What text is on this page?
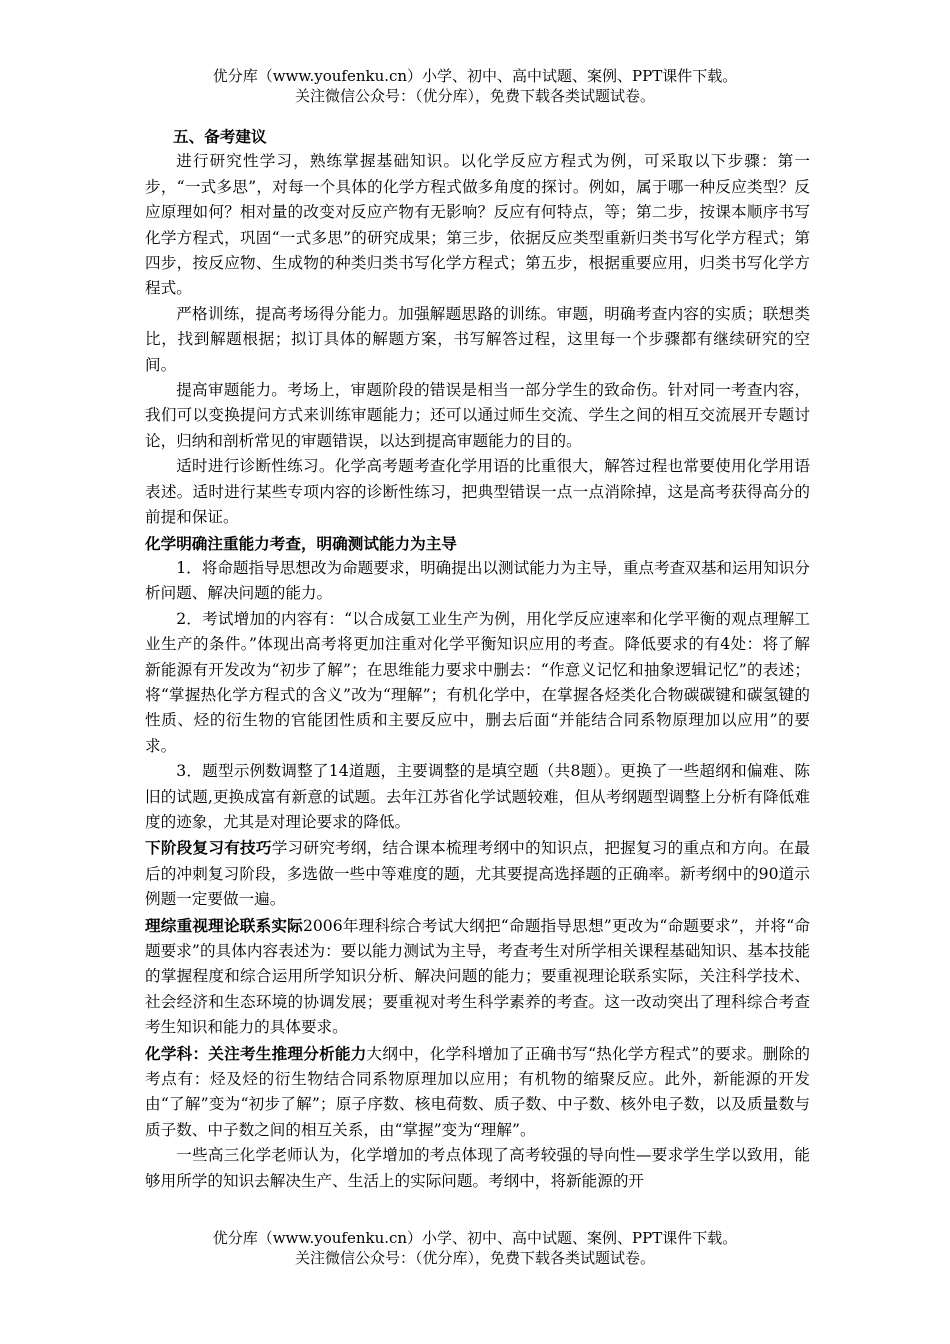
优分库（www.youfenku.cn）小学、初中、高中试题、案例、PPT课件下载。
关注微信公众号：（优分库），免费下载各类试题试卷。

五、备考建议

进行研究性学习，熟练掌握基础知识。以化学反应方程式为例，可采取以下步骤：第一步，“一式多思”，对每一个具体的化学方程式做多角度的探讨。例如，属于哪一种反应类型？反应原理如何？相对量的改变对反应产物有无影响？反应有何特点，等；第二步，按课本顺序书写化学方程式，巩固“一式多思”的研究成果；第三步，依据反应类型重新归类书写化学方程式；第四步，按反应物、生成物的种类归类书写化学方程式；第五步，根据重要应用，归类书写化学方程式。

严格训练，提高考场得分能力。加强解题思路的训练。审题，明确考查内容的实质；联想类比，找到解题根据；拟订具体的解题方案，书写解答过程，这里每一个步骤都有继续研究的空间。

提高审题能力。考场上，审题阶段的错误是相当一部分学生的致命伤。针对同一考查内容，我们可以变换提问方式来训练审题能力；还可以通过师生交流、学生之间的相互交流展开专题讨论，归纳和剖析常见的审题错误，以达到提高审题能力的目的。

适时进行诊断性练习。化学高考题考查化学用语的比重很大，解答过程也常要使用化学用语表述。适时进行某些专项内容的诊断性练习，把典型错误一点一点消除掉，这是高考获得高分的前提和保证。

化学明确注重能力考查，明确测试能力为主导

1．将命题指导思想改为命题要求，明确提出以测试能力为主导，重点考查双基和运用知识分析问题、解决问题的能力。

2．考试增加的内容有：“以合成氨工业生产为例，用化学反应速率和化学平衡的观点理解工业生产的条件。”体现出高考将更加注重对化学平衡知识应用的考查。降低要求的有4处：将了解新能源有开发改为“初步了解”；在思维能力要求中删去：“作意义记忆和抽象逻辑记忆”的表述；将“掌握热化学方程式的含义”改为“理解”；有机化学中，在掌握各烃类化合物碳碳键和碳氢键的性质、烃的衍生物的官能团性质和主要反应中，删去后面“并能结合同系物原理加以应用”的要求。

3．题型示例数调整了14道题，主要调整的是填空题（共8题）。更换了一些超纲和偏难、陈旧的试题,更换成富有新意的试题。去年江苏省化学试题较难，但从考纲题型调整上分析有降低难度的迹象，尤其是对理论要求的降低。

下阶段复习有技巧学习研究考纲，结合课本梳理考纲中的知识点，把握复习的重点和方向。在最后的冲刺复习阶段，多选做一些中等难度的题，尤其要提高选择题的正确率。新考纲中的90道示例题一定要做一遍。

理综重视理论联系实际2006年理科综合考试大纲把“命题指导思想”更改为“命题要求”，并将“命题要求”的具体内容表述为：要以能力测试为主导，考查考生对所学相关课程基础知识、基本技能的掌握程度和综合运用所学知识分析、解决问题的能力；要重视理论联系实际，关注科学技术、社会经济和生态环境的协调发展；要重视对考生科学素养的考查。这一改动突出了理科综合考查考生知识和能力的具体要求。

化学科：关注考生推理分析能力大纲中，化学科增加了正确书写“热化学方程式”的要求。删除的考点有：烃及烃的衍生物结合同系物原理加以应用；有机物的缩聚反应。此外，新能源的开发由“了解”变为“初步了解”；原子序数、核电荷数、质子数、中子数、核外电子数，以及质量数与质子数、中子数之间的相互关系，由“掌握”变为“理解”。

一些高三化学老师认为，化学增加的考点体现了高考较强的导向性—要求学生学以致用，能够用所学的知识去解决生产、生活上的实际问题。考纲中，将新能源的开

优分库（www.youfenku.cn）小学、初中、高中试题、案例、PPT课件下载。
关注微信公众号：（优分库），免费下载各类试题试卷。
